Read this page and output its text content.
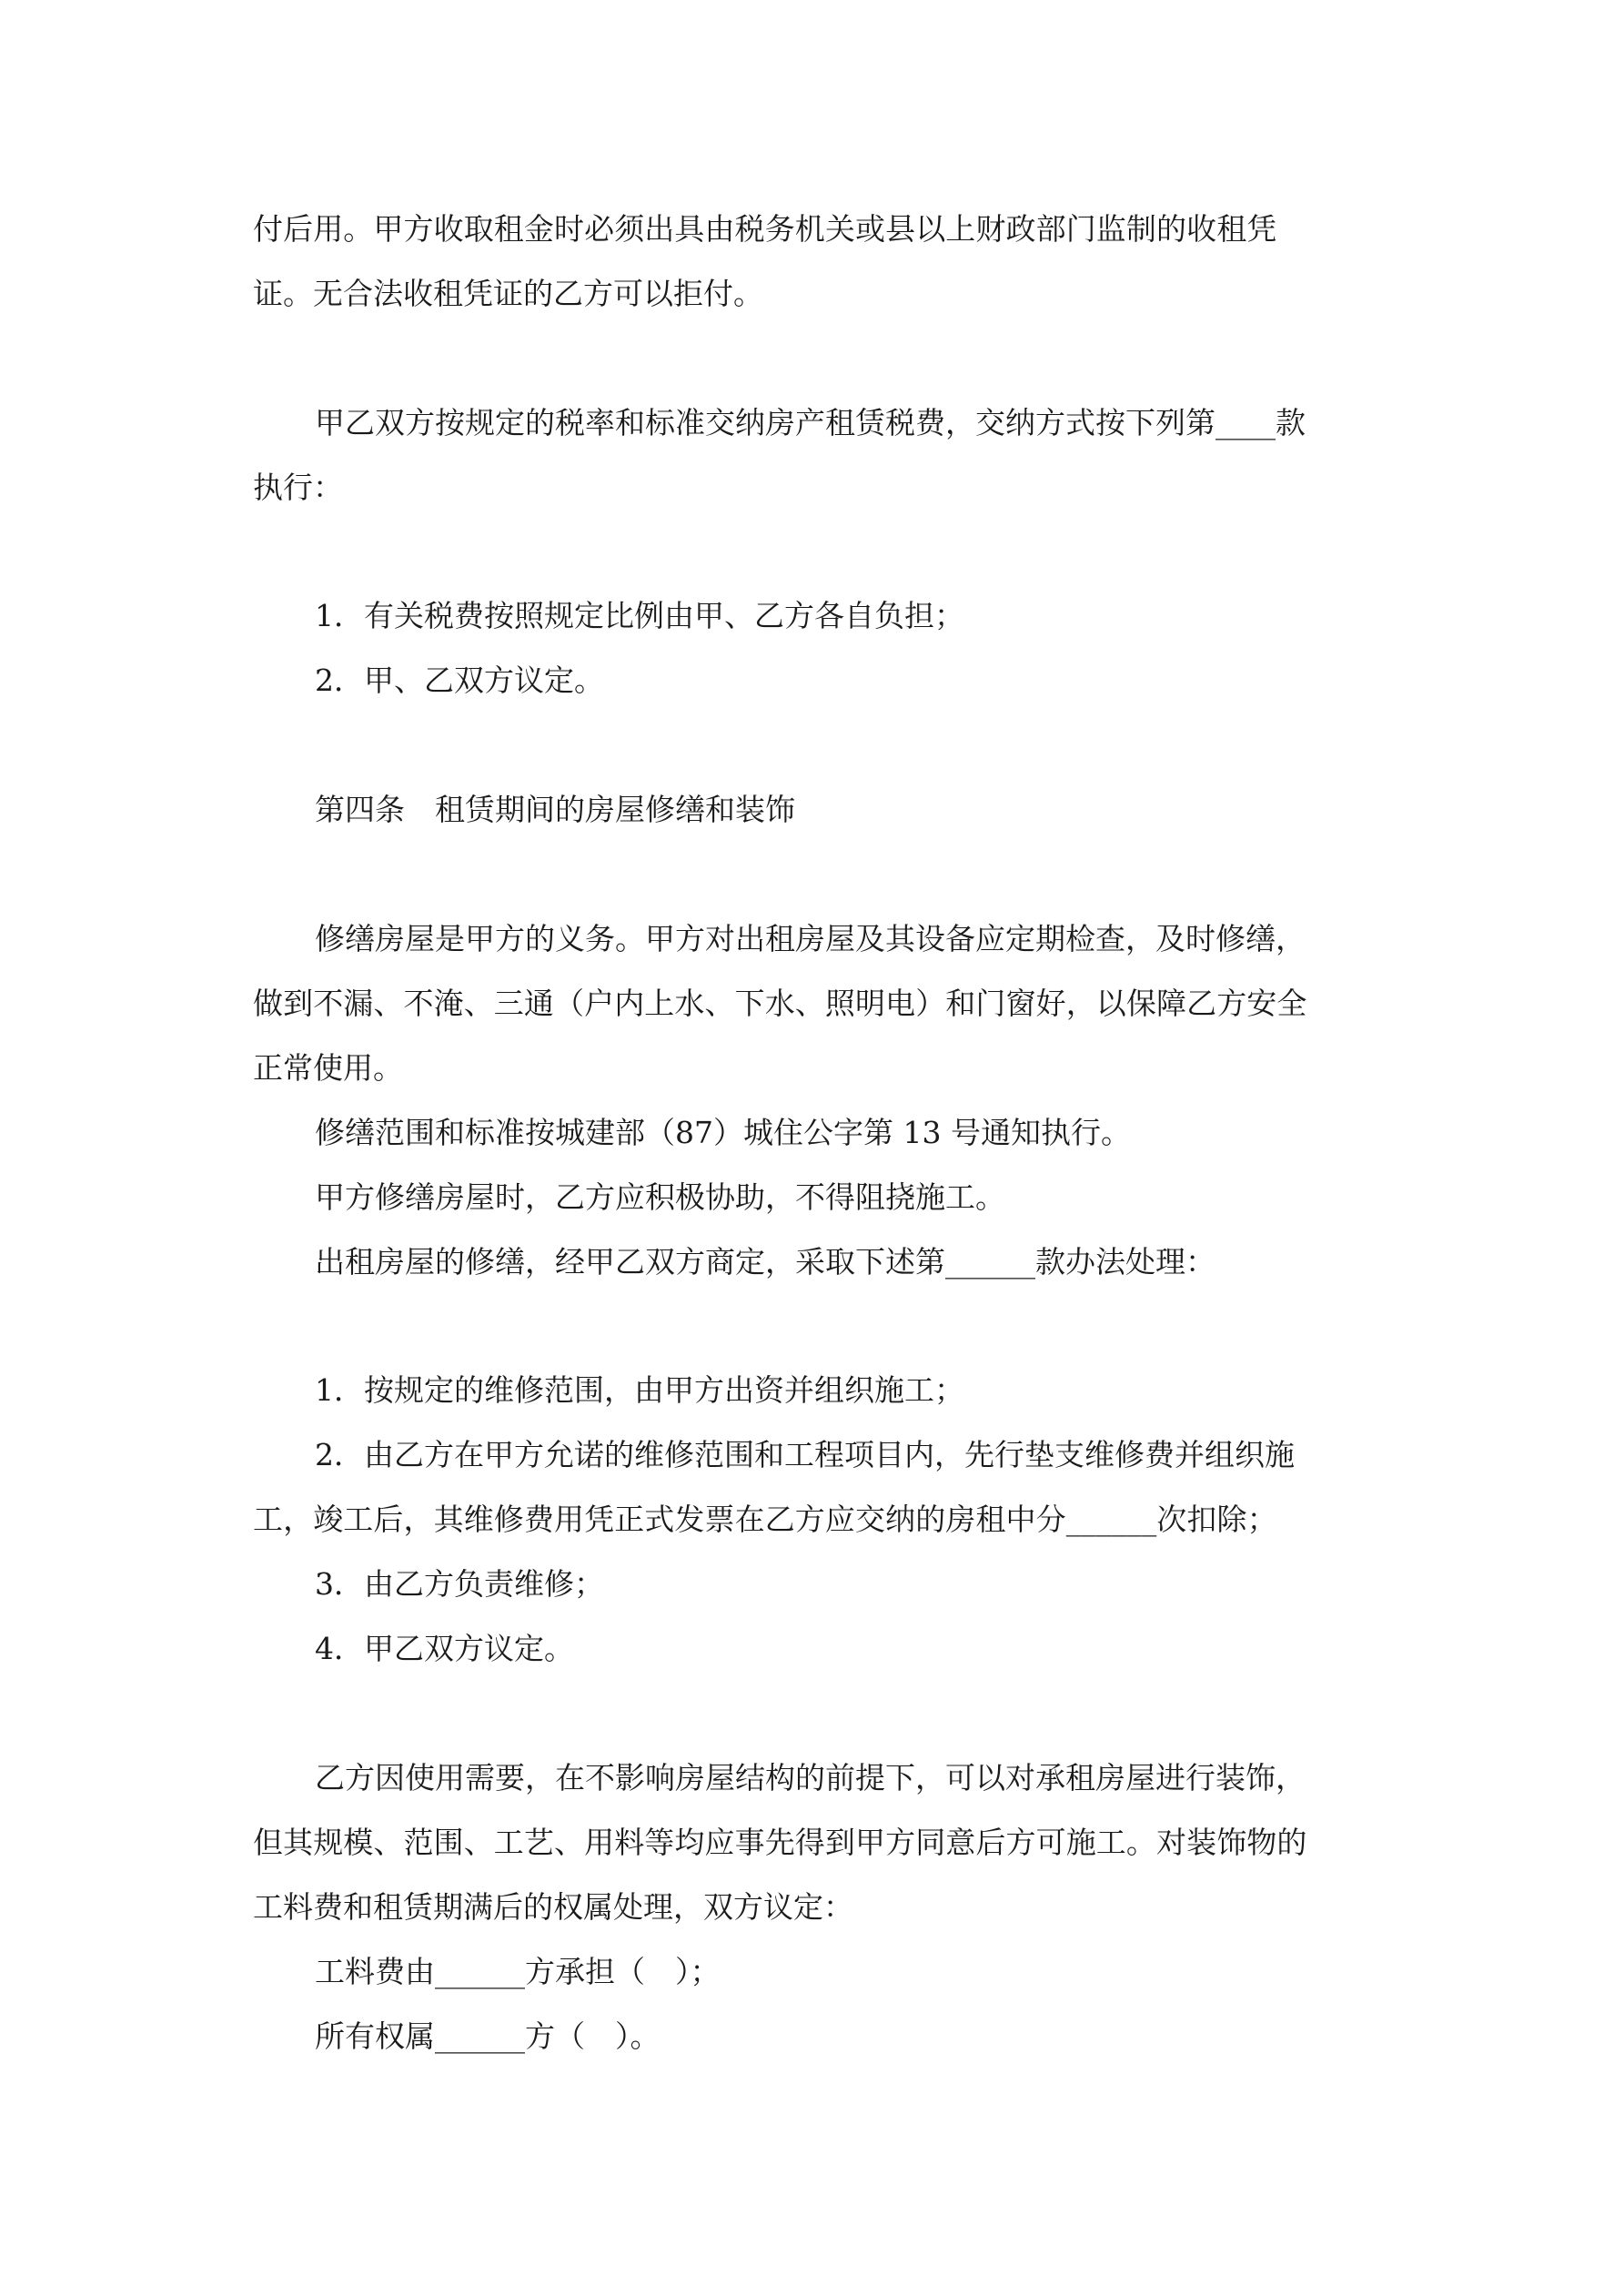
付后用。甲方收取租金时必须出具由税务机关或县以上财政部门监制的收租凭
证。无合法收租凭证的乙方可以拒付。
甲乙双方按规定的税率和标准交纳房产租赁税费，交纳方式按下列第____款
执行：
1．有关税费按照规定比例由甲、乙方各自负担；
2．甲、乙双方议定。
第四条　租赁期间的房屋修缮和装饰
修缮房屋是甲方的义务。甲方对出租房屋及其设备应定期检查，及时修缮，
做到不漏、不淹、三通（户内上水、下水、照明电）和门窗好，以保障乙方安全
正常使用。
修缮范围和标准按城建部（87）城住公字第 13 号通知执行。
甲方修缮房屋时，乙方应积极协助，不得阻挠施工。
出租房屋的修缮，经甲乙双方商定，采取下述第______款办法处理：
1．按规定的维修范围，由甲方出资并组织施工；
2．由乙方在甲方允诺的维修范围和工程项目内，先行垫支维修费并组织施
工，竣工后，其维修费用凭正式发票在乙方应交纳的房租中分______次扣除；
3．由乙方负责维修；
4．甲乙双方议定。
乙方因使用需要，在不影响房屋结构的前提下，可以对承租房屋进行装饰，
但其规模、范围、工艺、用料等均应事先得到甲方同意后方可施工。对装饰物的
工料费和租赁期满后的权属处理，双方议定：
工料费由______方承担（　）；
所有权属______方（　）。
